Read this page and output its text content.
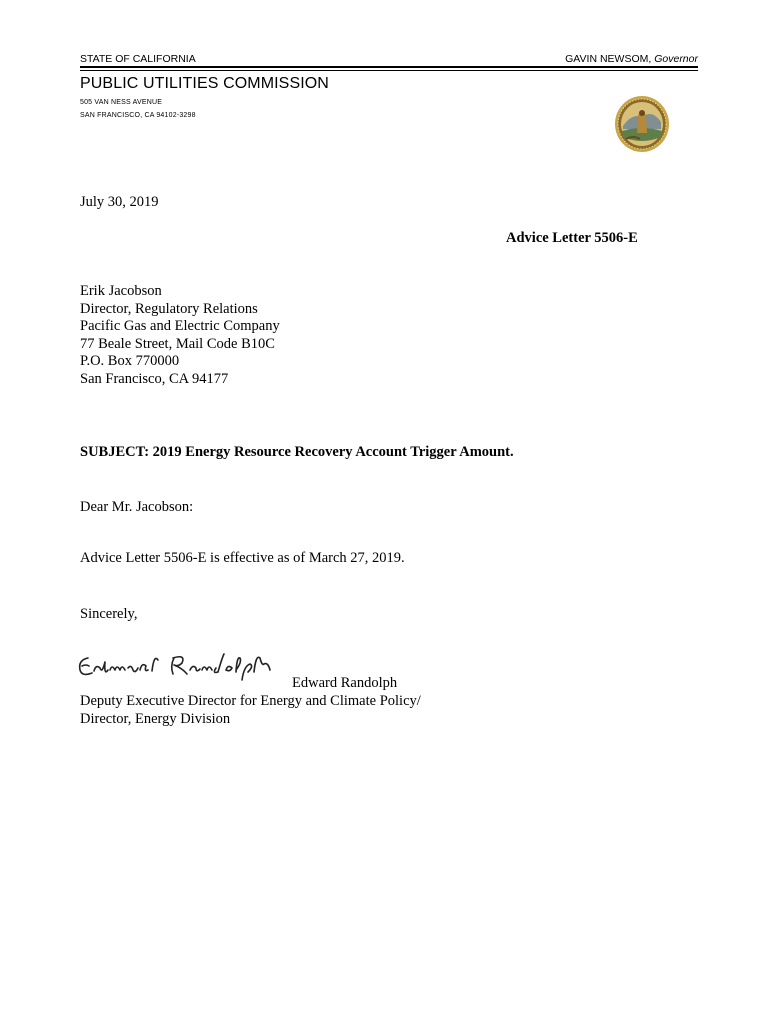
STATE OF CALIFORNIA	GAVIN NEWSOM, Governor
PUBLIC UTILITIES COMMISSION
505 VAN NESS AVENUE
SAN FRANCISCO, CA 94102-3298
July 30, 2019
Advice Letter 5506-E
Erik Jacobson
Director, Regulatory Relations
Pacific Gas and Electric Company
77 Beale Street, Mail Code B10C
P.O. Box 770000
San Francisco, CA 94177
SUBJECT: 2019 Energy Resource Recovery Account Trigger Amount.
Dear Mr. Jacobson:
Advice Letter 5506-E is effective as of March 27, 2019.
Sincerely,
Edward Randolph
Deputy Executive Director for Energy and Climate Policy/
Director, Energy Division
